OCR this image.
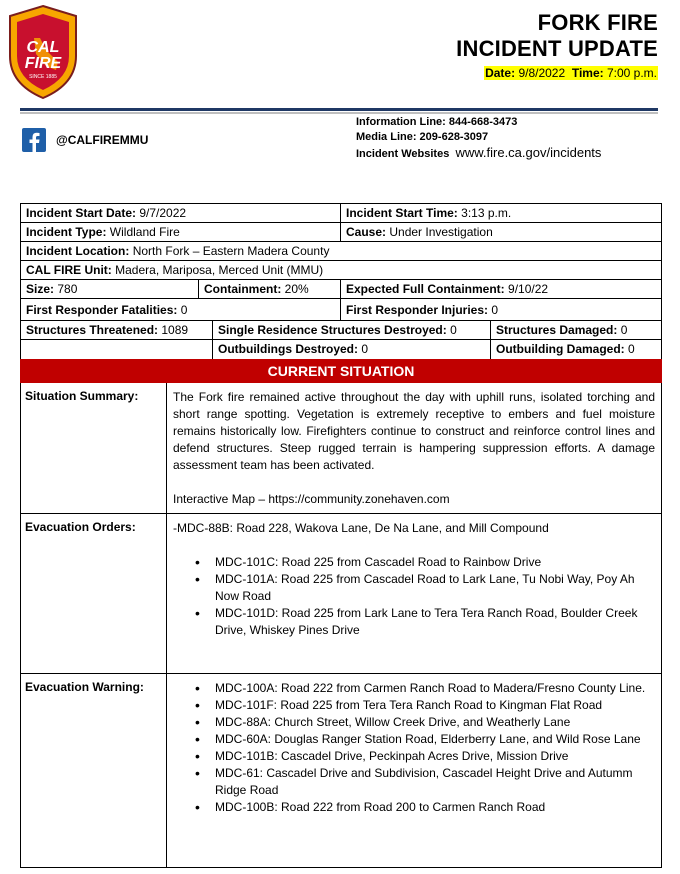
CAL
FIRE
SINCE 1885
FORK FIRE
INCIDENT UPDATE
Date: 9/8/2022 Time: 7:00 p.m.
@CALFIREMMU
Information Line: 844-668-3473
Media Line: 209-628-3097
Incident Websites www.fire.ca.gov/incidents
Incident Start Date: 9/7/2022	Incident Start Time: 3:13 p.m.
Incident Type: Wildland Fire	Cause: Under Investigation
Incident Location: North Fork – Eastern Madera County
CAL FIRE Unit: Madera, Mariposa, Merced Unit (MMU)
Size: 780	Containment: 20%	Expected Full Containment: 9/10/22
First Responder Fatalities: 0	First Responder Injuries: 0
Structures Threatened: 1089	Single Residence Structures Destroyed: 0	Structures Damaged: 0
Outbuildings Destroyed: 0	Outbuilding Damaged: 0
CURRENT SITUATION
Situation Summary:	The Fork fire remained active throughout the day with uphill runs, isolated torching and short range spotting. Vegetation is extremely receptive to embers and fuel moisture remains historically low. Firefighters continue to construct and reinforce control lines and defend structures. Steep rugged terrain is hampering suppression efforts. A damage assessment team has been activated.
Interactive Map – https://community.zonehaven.com
Evacuation Orders:	-MDC-88B: Road 228, Wakova Lane, De Na Lane, and Mill Compound
• MDC-101C: Road 225 from Cascadel Road to Rainbow Drive
• MDC-101A: Road 225 from Cascadel Road to Lark Lane, Tu Nobi Way, Poy Ah Now Road
• MDC-101D: Road 225 from Lark Lane to Tera Tera Ranch Road, Boulder Creek Drive, Whiskey Pines Drive
Evacuation Warning:
•	MDC-100A: Road 222 from Carmen Ranch Road to Madera/Fresno County Line.
• MDC-101F: Road 225 from Tera Tera Ranch Road to Kingman Flat Road
• MDC-88A: Church Street, Willow Creek Drive, and Weatherly Lane
• MDC-60A: Douglas Ranger Station Road, Elderberry Lane, and Wild Rose Lane
• MDC-101B: Cascadel Drive, Peckinpah Acres Drive, Mission Drive
• MDC-61: Cascadel Drive and Subdivision, Cascadel Height Drive and Autumm Ridge Road
• MDC-100B: Road 222 from Road 200 to Carmen Ranch Road
